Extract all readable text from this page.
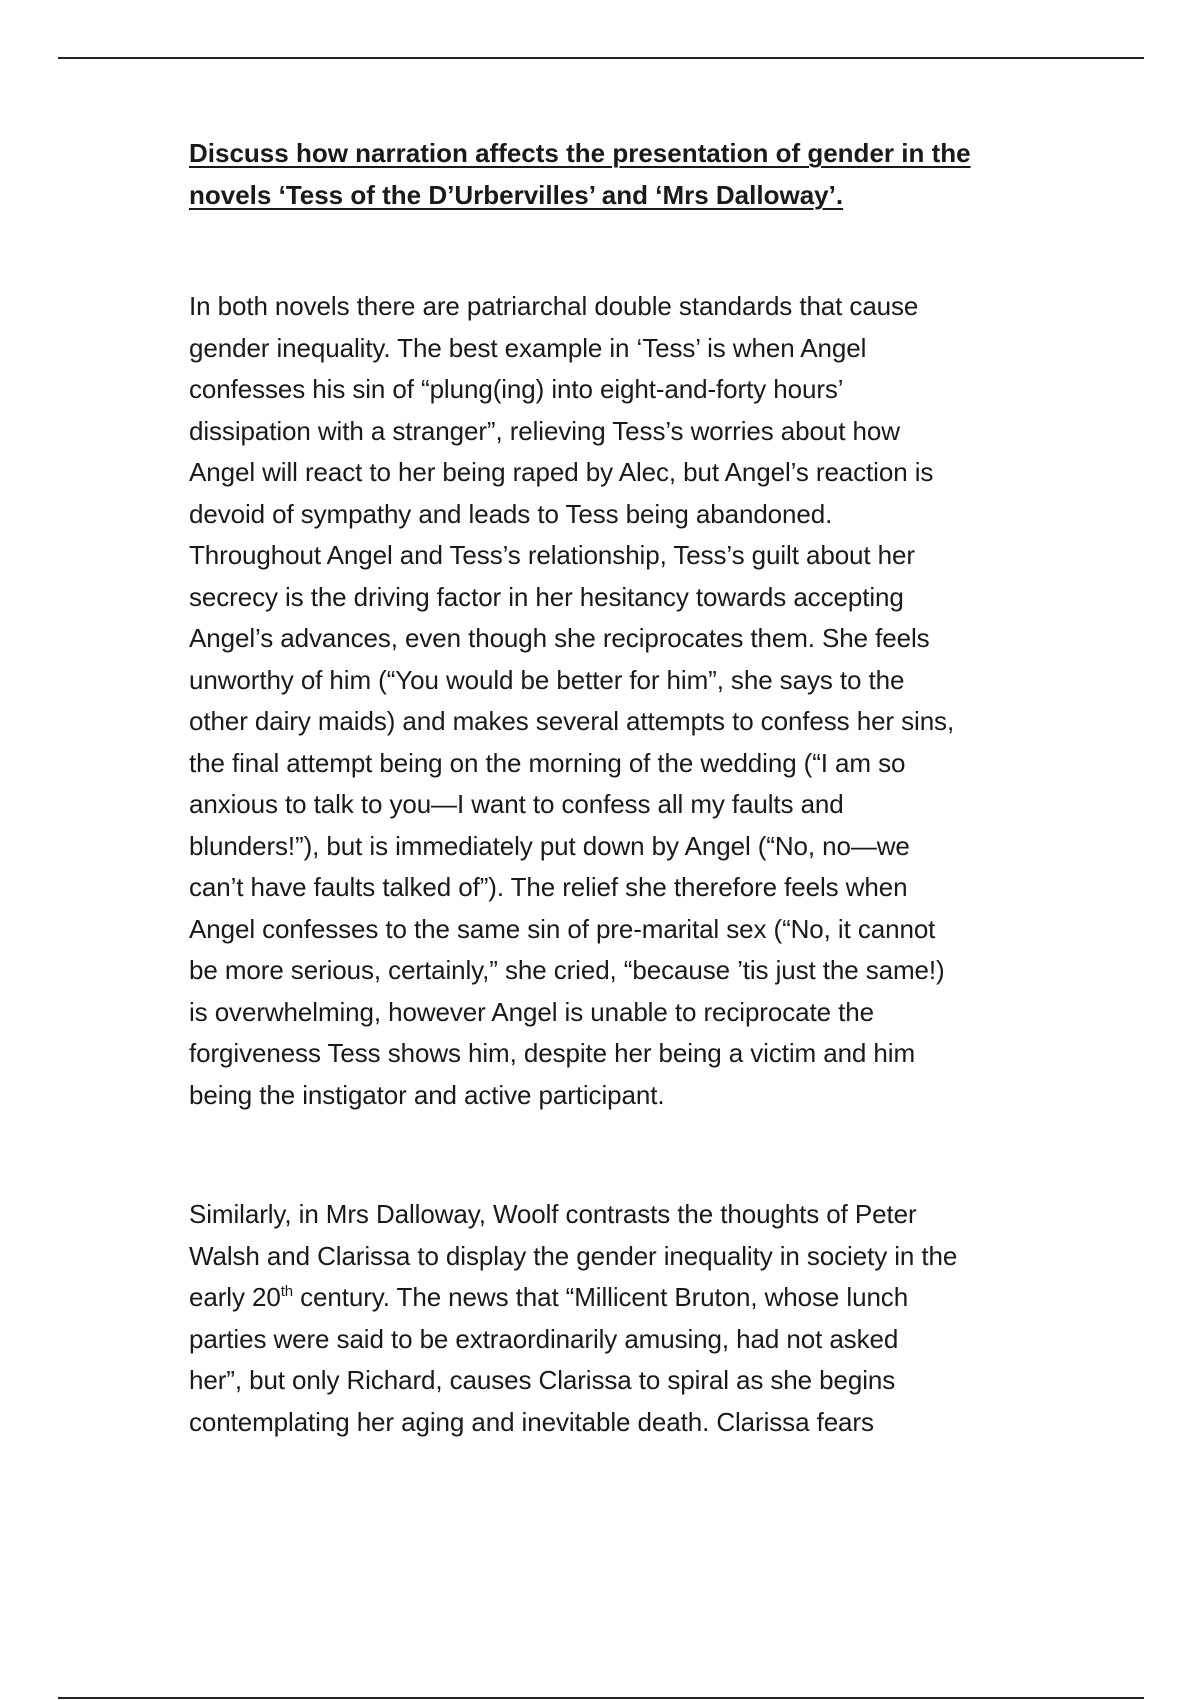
Discuss how narration affects the presentation of gender in the
novels ‘Tess of the D’Urbervilles’ and ‘Mrs Dalloway’.

In both novels there are patriarchal double standards that cause
gender inequality. The best example in ‘Tess’ is when Angel
confesses his sin of “plung(ing) into eight-and-forty hours’
dissipation with a stranger”, relieving Tess’s worries about how
Angel will react to her being raped by Alec, but Angel’s reaction is
devoid of sympathy and leads to Tess being abandoned.
Throughout Angel and Tess’s relationship, Tess’s guilt about her
secrecy is the driving factor in her hesitancy towards accepting
Angel’s advances, even though she reciprocates them. She feels
unworthy of him (“You would be better for him”, she says to the
other dairy maids) and makes several attempts to confess her sins,
the final attempt being on the morning of the wedding (“I am so
anxious to talk to you—I want to confess all my faults and
blunders!”), but is immediately put down by Angel (“No, no—we
can’t have faults talked of”). The relief she therefore feels when
Angel confesses to the same sin of pre-marital sex (“No, it cannot
be more serious, certainly,” she cried, “because ’tis just the same!)
is overwhelming, however Angel is unable to reciprocate the
forgiveness Tess shows him, despite her being a victim and him
being the instigator and active participant.

Similarly, in Mrs Dalloway, Woolf contrasts the thoughts of Peter
Walsh and Clarissa to display the gender inequality in society in the
early 20th century. The news that “Millicent Bruton, whose lunch
parties were said to be extraordinarily amusing, had not asked
her”, but only Richard, causes Clarissa to spiral as she begins
contemplating her aging and inevitable death. Clarissa fears
